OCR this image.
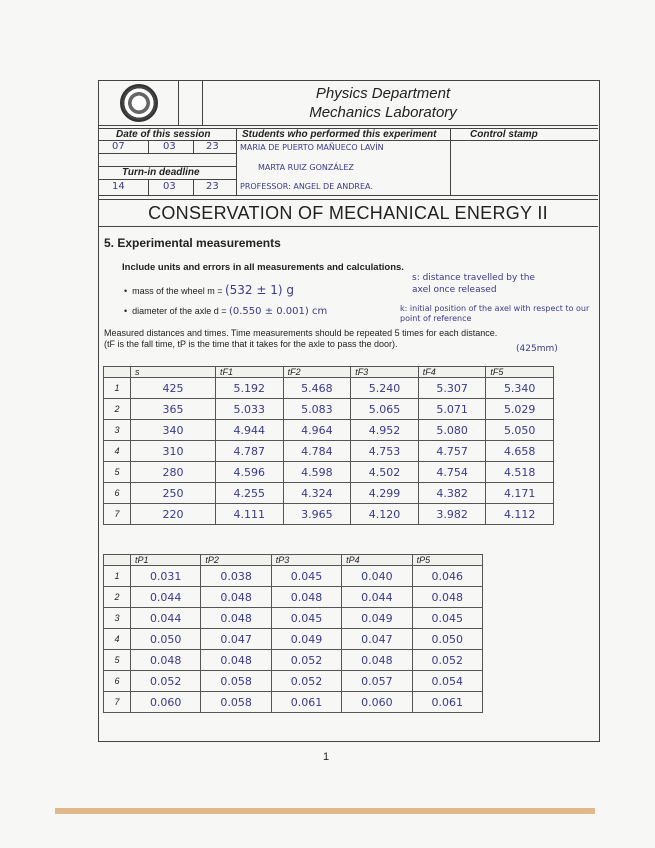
Physics Department
Mechanics Laboratory
Date of this session	Students who performed this experiment	Control stamp
07	03	23
Turn-in deadline
14	03	23
MARIA DE PUERTO MAÑUECO LAVÍN
MARTA RUIZ GONZÁLEZ
PROFESSOR: ANGEL DE ANDREA.
CONSERVATION OF MECHANICAL ENERGY II
5. Experimental measurements
Include units and errors in all measurements and calculations.
•  mass of the wheel m = (532 ± 1) g
•  diameter of the axle d = (0.550 ± 0.001) cm
s: distance travelled by the axel once released
k: initial position of the axel with respect to our point of reference
Measured distances and times. Time measurements should be repeated 5 times for each distance.
(tF is the fall time, tP is the time that it takes for the axle to pass the door).	(425mm)
	s	tF1	tF2	tF3	tF4	tF5
1	425	5.192	5.468	5.240	5.307	5.340
2	365	5.033	5.083	5.065	5.071	5.029
3	340	4.944	4.964	4.952	5.080	5.050
4	310	4.787	4.784	4.753	4.757	4.658
5	280	4.596	4.598	4.502	4.754	4.518
6	250	4.255	4.324	4.299	4.382	4.171
7	220	4.111	3.965	4.120	3.982	4.112
	tP1	tP2	tP3	tP4	tP5
1	0.031	0.038	0.045	0.040	0.046
2	0.044	0.048	0.048	0.044	0.048
3	0.044	0.048	0.045	0.049	0.045
4	0.050	0.047	0.049	0.047	0.050
5	0.048	0.048	0.052	0.048	0.052
6	0.052	0.058	0.052	0.057	0.054
7	0.060	0.058	0.061	0.060	0.061
1
